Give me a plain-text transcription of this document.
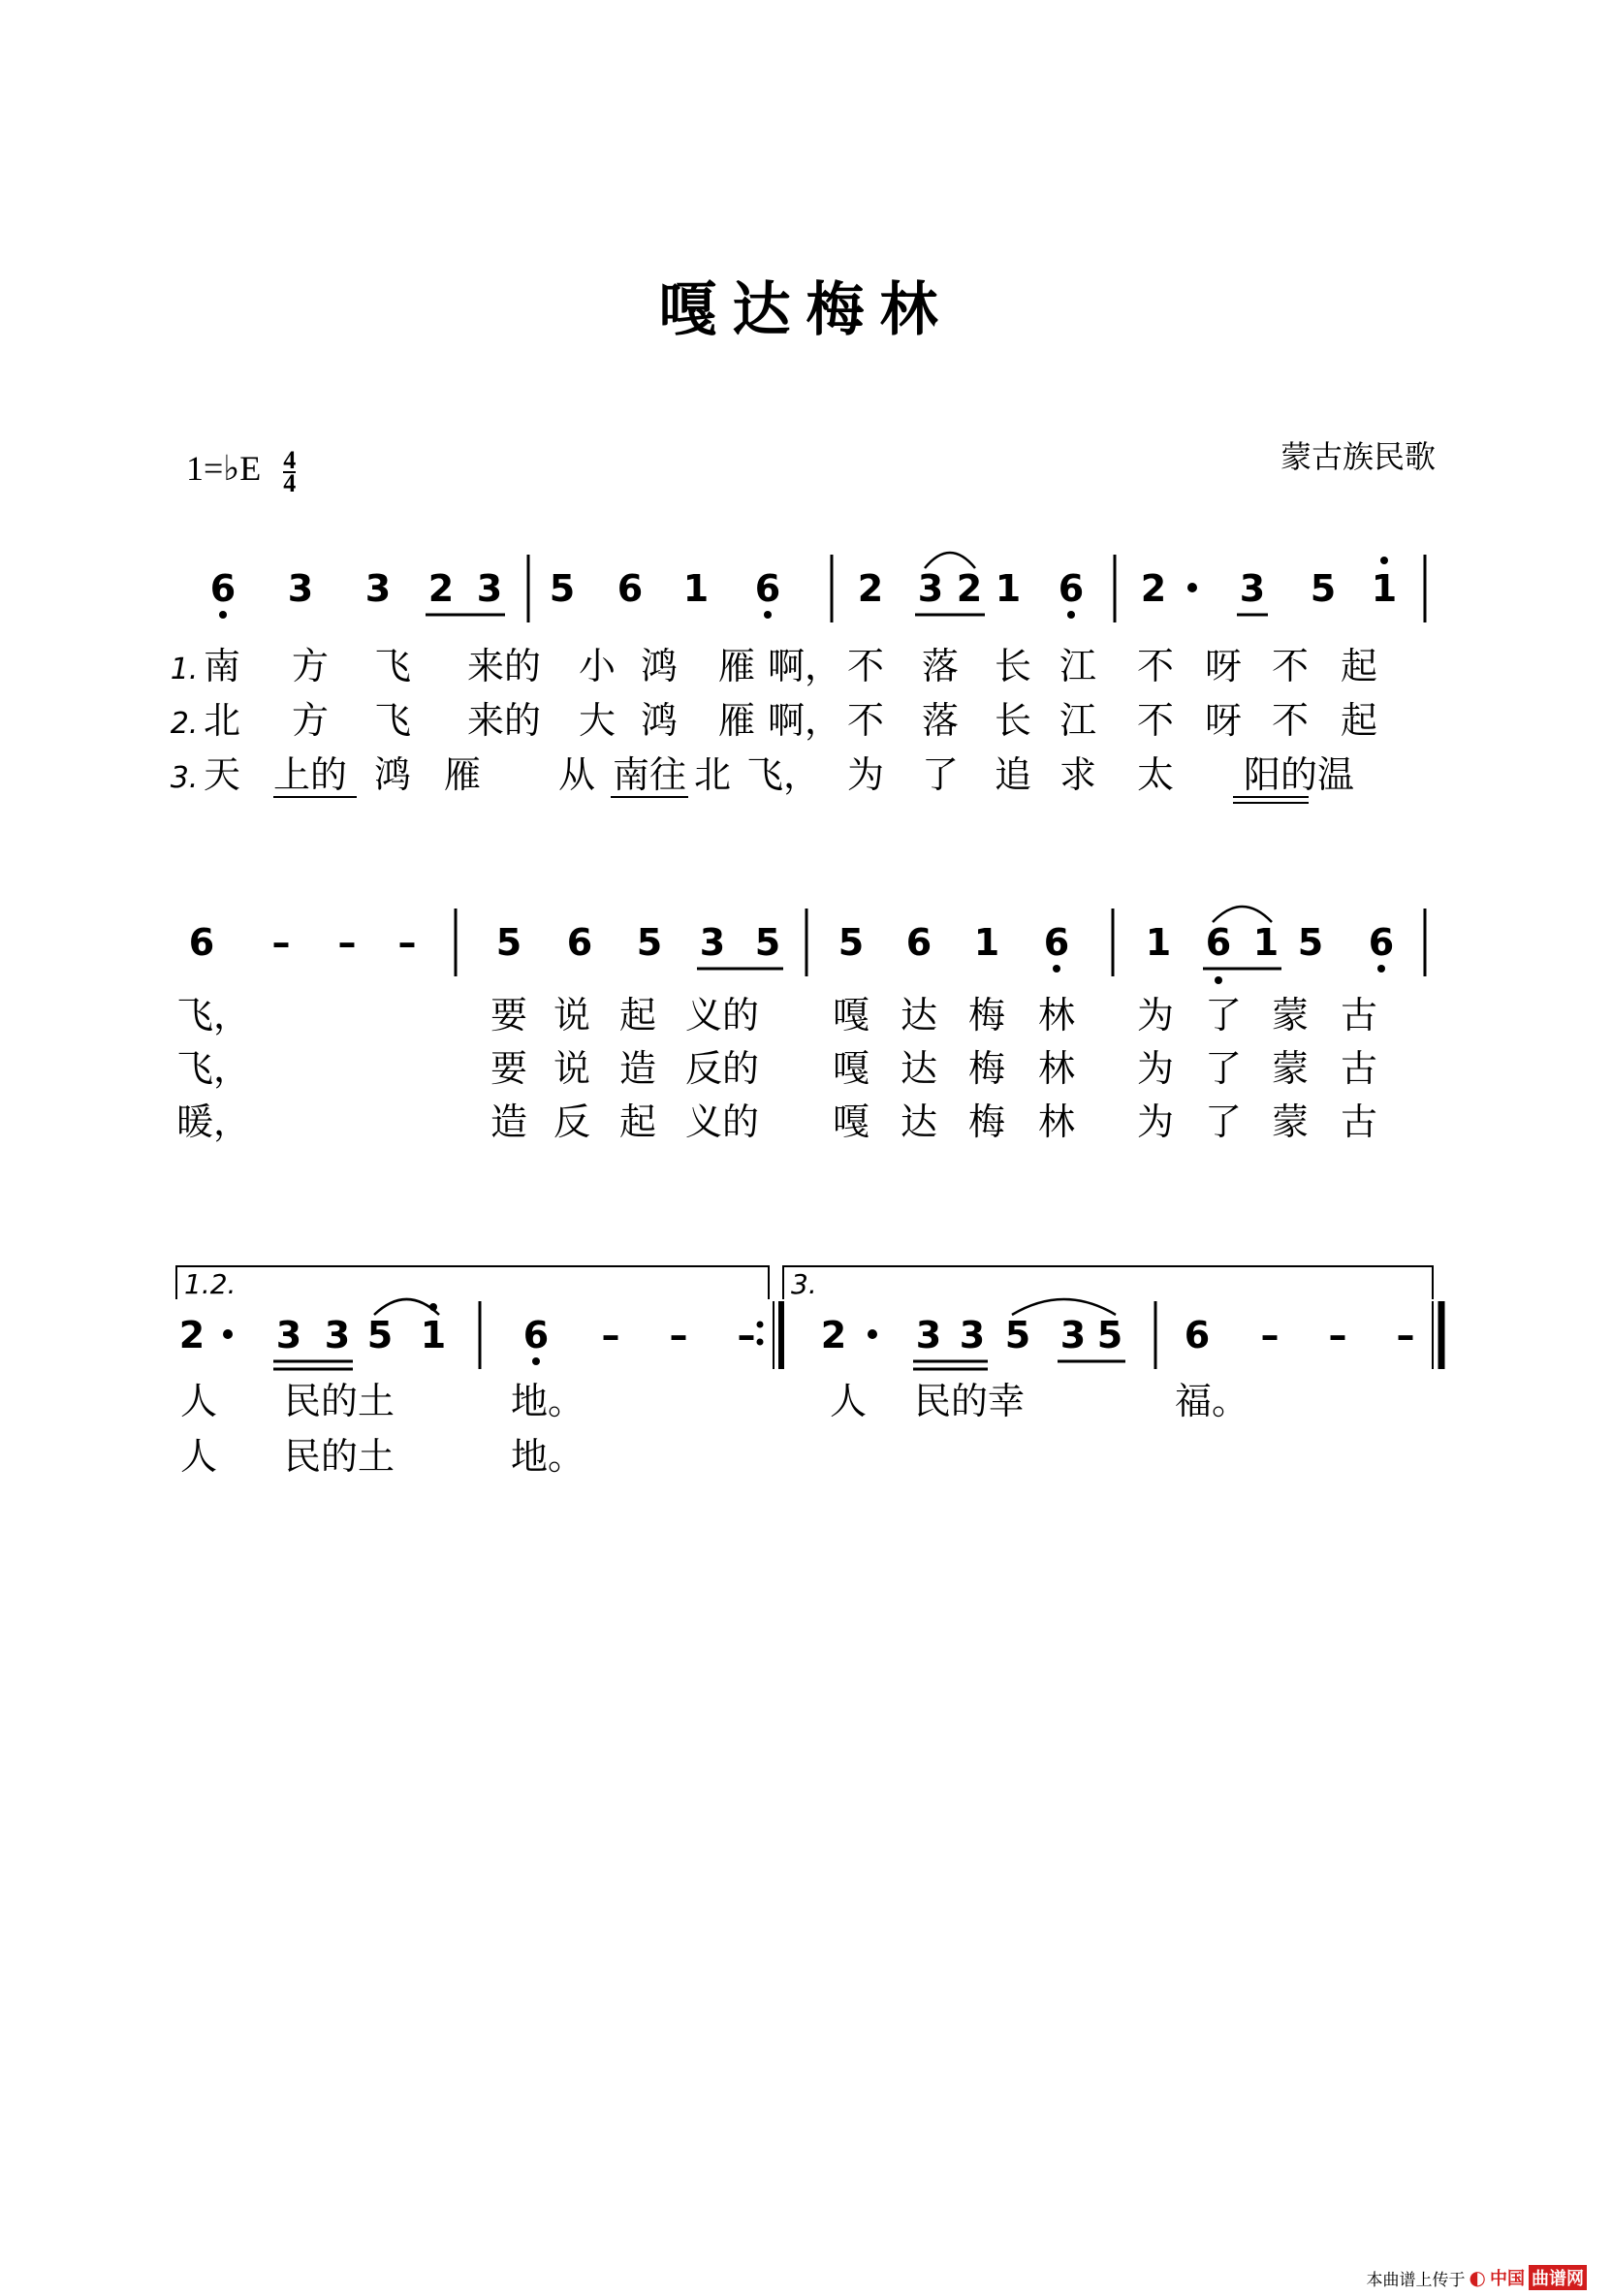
嘎达梅林
1=♭E $\frac{4}{4}$	蒙古族民歌
6 3 3 2 3 5 6 1 6 2 3 2 1 6 2 3 5 1
1. 南 方 飞 来的 小 鸿 雁 啊， 不 落 长 江 不 呀 不 起
2. 北 方 飞 来的 大 鸿 雁 啊， 不 落 长 江 不 呀 不 起
3. 天 上的 鸿 雁 从 南往 北 飞， 为 了 追 求 太 阳的温
6 – – – 5 6 5 3 5 5 6 1 6 1 6 1 5 6
飞，	要 说 起 义的 嘎 达 梅 林 为 了 蒙 古
飞，	要 说 造 反的 嘎 达 梅 林 为 了 蒙 古
暖，	造 反 起 义的 嘎 达 梅 林 为 了 蒙 古
2 3 3 5 1 6 – – – 2 3 3 5 3 5 6 – – –
人 民的土	地。	人 民的幸	福。
人 民的土	地。
1.2.	3.
本曲谱上传于 ◐ 中国 曲谱网
